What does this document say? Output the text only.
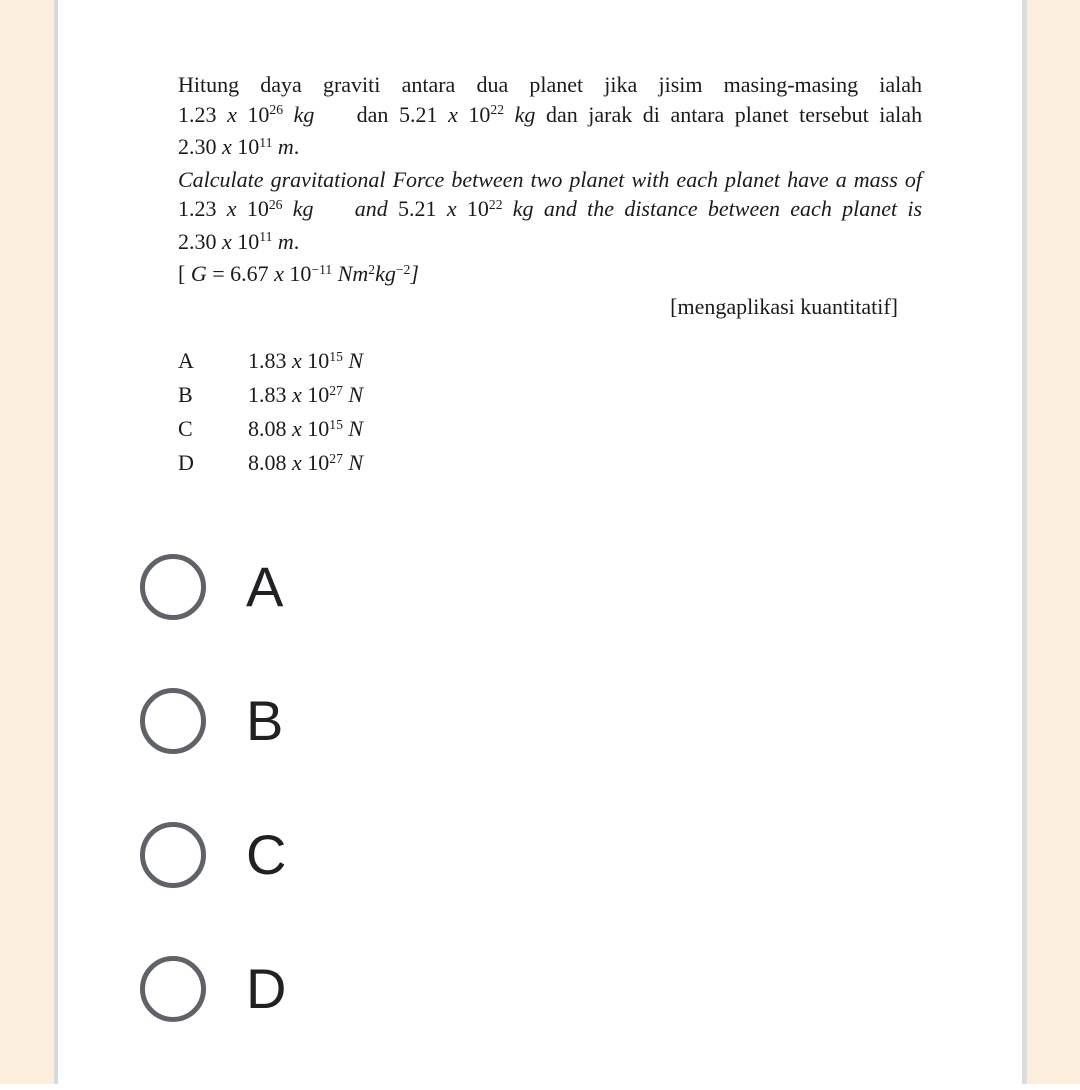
Hitung daya graviti antara dua planet jika jisim masing-masing ialah
1.23 x $10^{26}$ kg    dan 5.21 x $10^{22}$ kg dan jarak di antara planet tersebut ialah
2.30 x $10^{11}$ m.
Calculate gravitational Force between two planet with each planet have a mass of
1.23 x $10^{26}$ kg and 5.21 x $10^{22}$ kg and the distance between each planet is
2.30 x $10^{11}$ m.
[ G = 6.67 x $10^{-11}$ $Nm^2kg^{-2}$]
[mengaplikasi kuantitatif]
A	1.83 x $10^{15}$ N
B	1.83 x $10^{27}$ N
C	8.08 x $10^{15}$ N
D	8.08 x $10^{27}$ N
A
B
C
D
